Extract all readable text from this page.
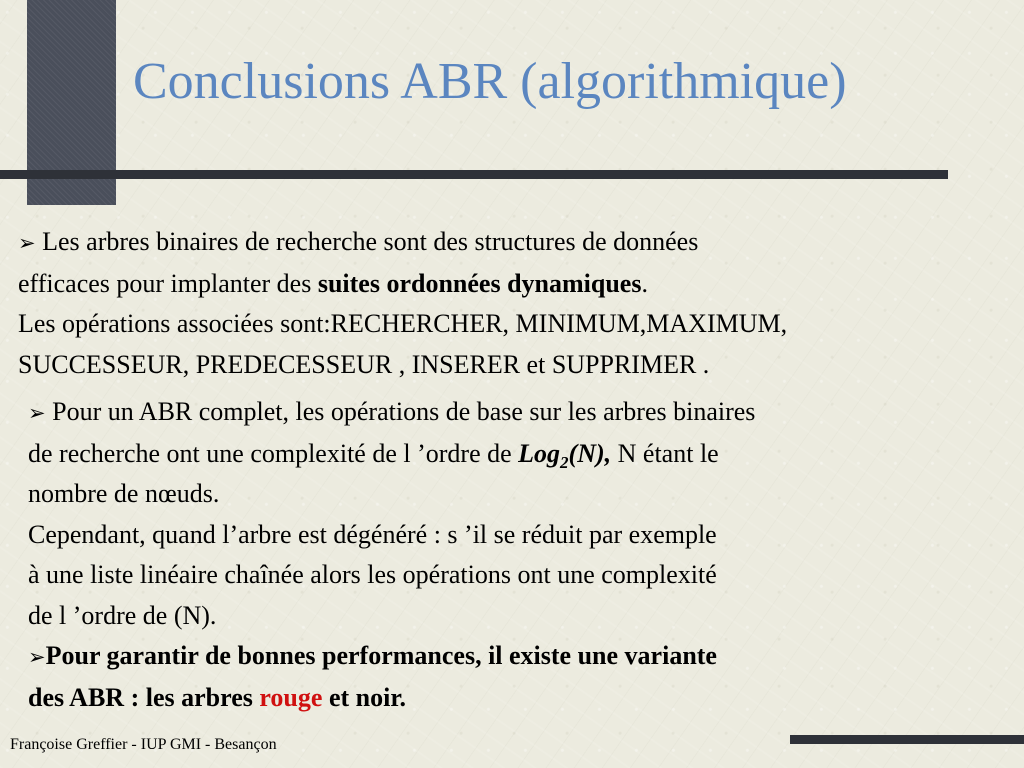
Conclusions ABR (algorithmique)
➢ Les arbres binaires de recherche sont des structures de données
efficaces pour implanter des suites ordonnées dynamiques.
Les opérations associées sont:RECHERCHER, MINIMUM,MAXIMUM,
SUCCESSEUR, PREDECESSEUR , INSERER et SUPPRIMER .
➢ Pour un ABR complet, les opérations de base sur les arbres binaires
de recherche ont une complexité de l ’ordre de Log$_2$(N), N étant le
nombre de nœuds.
Cependant, quand l’arbre est dégénéré : s ’il se réduit par exemple
à une liste linéaire chaînée alors les opérations ont une complexité
de l ’ordre de (N).
➢Pour garantir de bonnes performances, il existe une variante
des ABR : les arbres rouge et noir.
Françoise Greffier - IUP GMI - Besançon
